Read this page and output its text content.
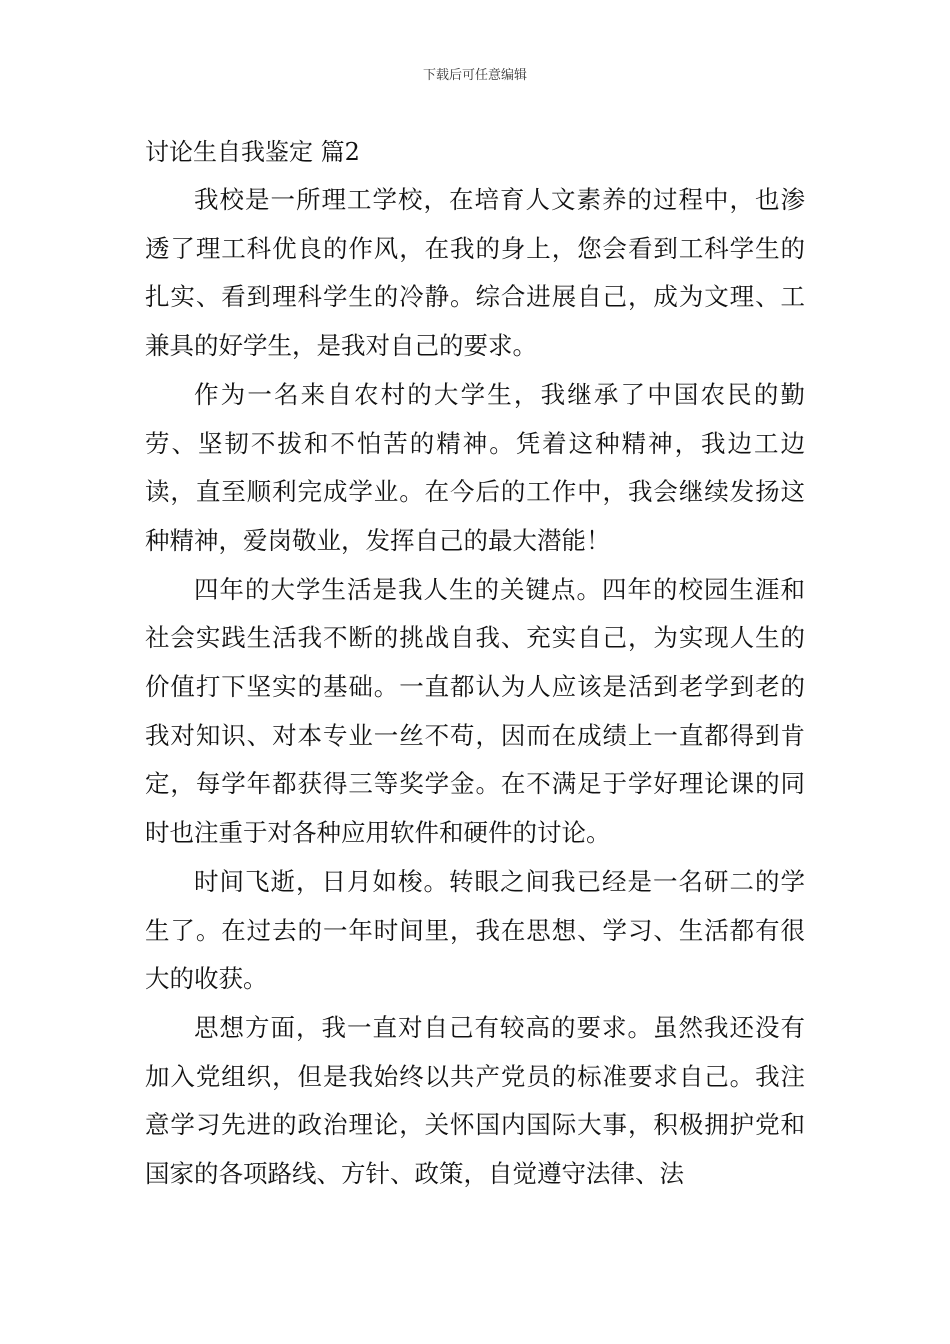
下载后可任意编辑
讨论生自我鉴定 篇2

我校是一所理工学校，在培育人文素养的过程中，也渗透了理工科优良的作风，在我的身上，您会看到工科学生的扎实、看到理科学生的冷静。综合进展自己，成为文理、工兼具的好学生，是我对自己的要求。

作为一名来自农村的大学生，我继承了中国农民的勤劳、坚韧不拔和不怕苦的精神。凭着这种精神，我边工边读，直至顺利完成学业。在今后的工作中，我会继续发扬这种精神，爱岗敬业，发挥自己的最大潜能！

四年的大学生活是我人生的关键点。四年的校园生涯和社会实践生活我不断的挑战自我、充实自己，为实现人生的价值打下坚实的基础。一直都认为人应该是活到老学到老的我对知识、对本专业一丝不苟，因而在成绩上一直都得到肯定，每学年都获得三等奖学金。在不满足于学好理论课的同时也注重于对各种应用软件和硬件的讨论。

时间飞逝，日月如梭。转眼之间我已经是一名研二的学生了。在过去的一年时间里，我在思想、学习、生活都有很大的收获。

思想方面，我一直对自己有较高的要求。虽然我还没有加入党组织，但是我始终以共产党员的标准要求自己。我注意学习先进的政治理论，关怀国内国际大事，积极拥护党和国家的各项路线、方针、政策，自觉遵守法律、法
